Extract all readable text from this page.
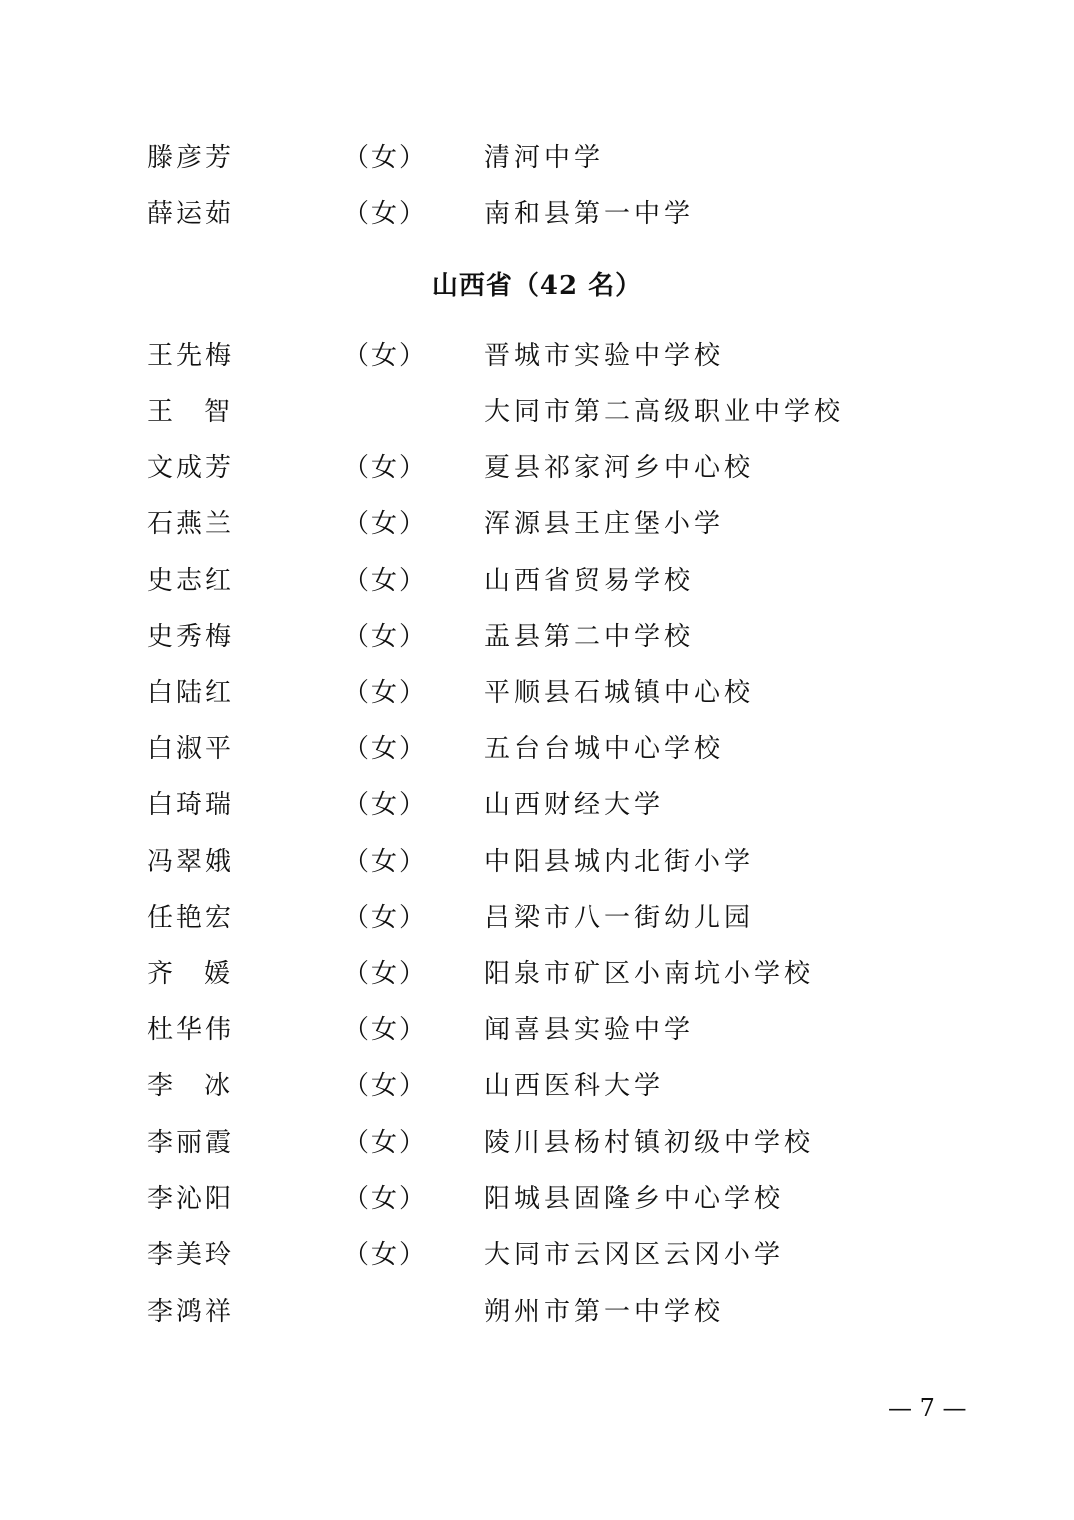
滕彦芳	（女） 清河中学
薛运茹	（女） 南和县第一中学
山西省（42 名）
王先梅	（女） 晋城市实验中学校
王 智	大同市第二高级职业中学校
文成芳	（女） 夏县祁家河乡中心校
石燕兰	（女） 浑源县王庄堡小学
史志红	（女） 山西省贸易学校
史秀梅	（女） 盂县第二中学校
白陆红	（女） 平顺县石城镇中心校
白淑平	（女） 五台台城中心学校
白琦瑞	（女） 山西财经大学
冯翠娥	（女） 中阳县城内北街小学
任艳宏	（女） 吕梁市八一街幼儿园
齐 媛	（女） 阳泉市矿区小南坑小学校
杜华伟	（女） 闻喜县实验中学
李 冰	（女） 山西医科大学
李丽霞	（女） 陵川县杨村镇初级中学校
李沁阳	（女） 阳城县固隆乡中心学校
李美玲	（女） 大同市云冈区云冈小学
李鸿祥	朔州市第一中学校
— 7 —
